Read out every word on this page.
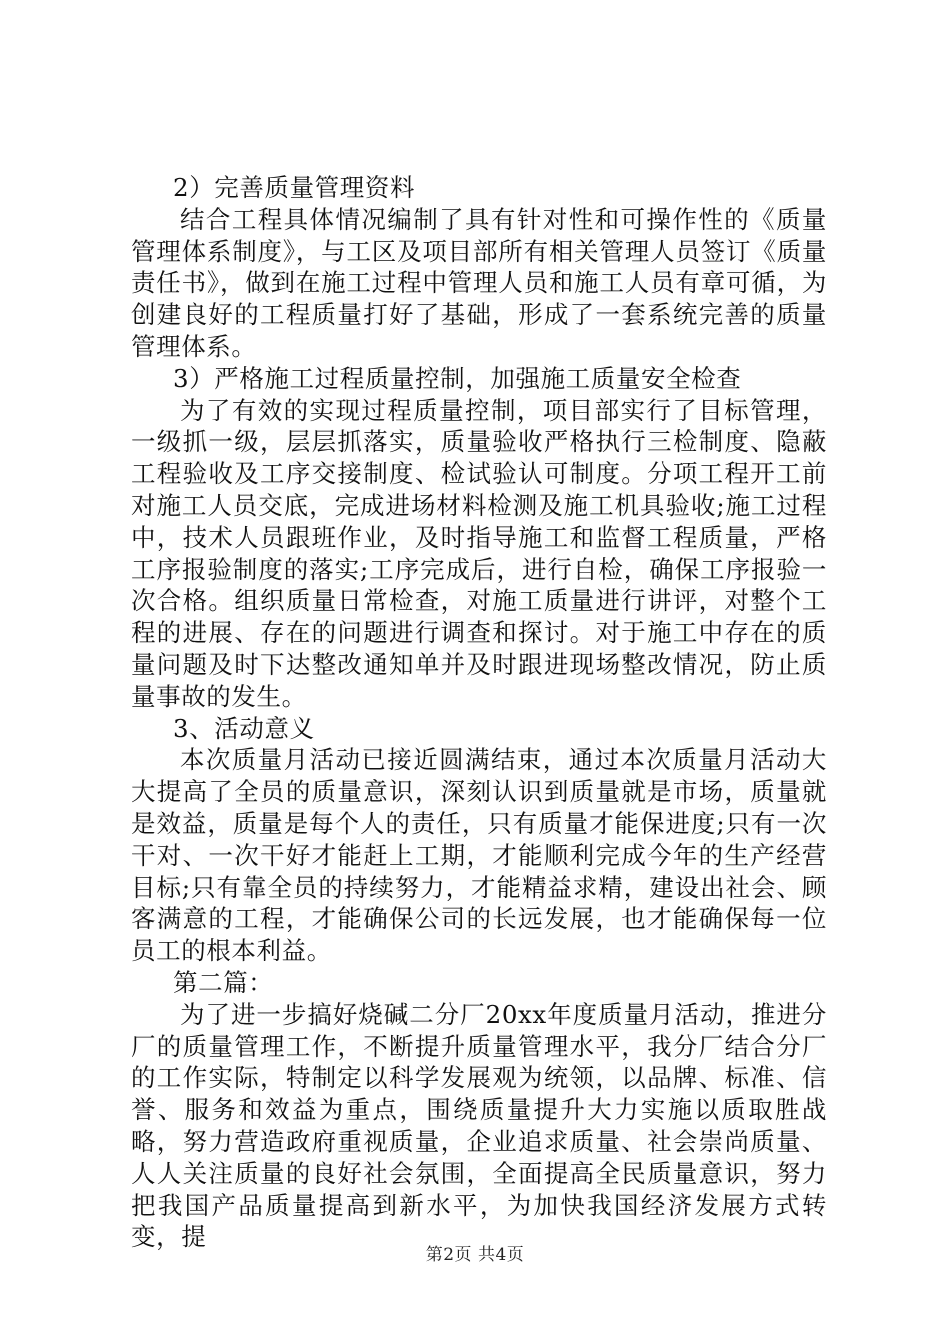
2）完善质量管理资料

结合工程具体情况编制了具有针对性和可操作性的《质量管理体系制度》，与工区及项目部所有相关管理人员签订《质量责任书》，做到在施工过程中管理人员和施工人员有章可循，为创建良好的工程质量打好了基础，形成了一套系统完善的质量管理体系。

3）严格施工过程质量控制，加强施工质量安全检查

为了有效的实现过程质量控制，项目部实行了目标管理，一级抓一级，层层抓落实，质量验收严格执行三检制度、隐蔽工程验收及工序交接制度、检试验认可制度。分项工程开工前对施工人员交底，完成进场材料检测及施工机具验收;施工过程中，技术人员跟班作业，及时指导施工和监督工程质量，严格工序报验制度的落实;工序完成后，进行自检，确保工序报验一次合格。组织质量日常检查，对施工质量进行讲评，对整个工程的进展、存在的问题进行调查和探讨。对于施工中存在的质量问题及时下达整改通知单并及时跟进现场整改情况，防止质量事故的发生。

3、活动意义

本次质量月活动已接近圆满结束，通过本次质量月活动大大提高了全员的质量意识，深刻认识到质量就是市场，质量就是效益，质量是每个人的责任，只有质量才能保进度;只有一次干对、一次干好才能赶上工期，才能顺利完成今年的生产经营目标;只有靠全员的持续努力，才能精益求精，建设出社会、顾客满意的工程，才能确保公司的长远发展，也才能确保每一位员工的根本利益。

第二篇：

为了进一步搞好烧碱二分厂20xx年度质量月活动，推进分厂的质量管理工作，不断提升质量管理水平，我分厂结合分厂的工作实际，特制定以科学发展观为统领，以品牌、标准、信誉、服务和效益为重点，围绕质量提升大力实施以质取胜战略，努力营造政府重视质量，企业追求质量、社会崇尚质量、人人关注质量的良好社会氛围，全面提高全民质量意识，努力把我国产品质量提高到新水平，为加快我国经济发展方式转变，提

第2页 共4页
